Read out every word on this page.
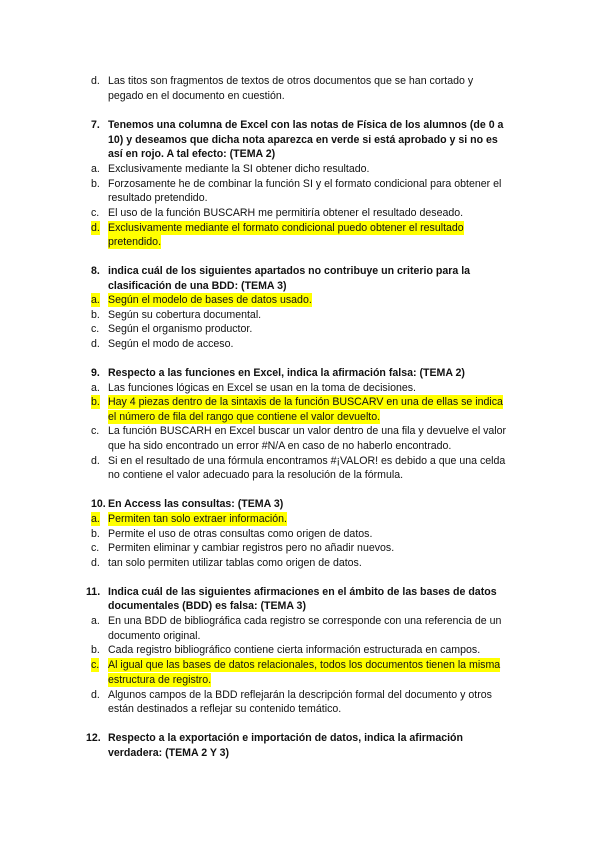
d. Las titos son fragmentos de textos de otros documentos que se han cortado y
pegado en el documento en cuestión.
7. Tenemos una columna de Excel con las notas de Física de los alumnos (de 0 a
10) y deseamos que dicha nota aparezca en verde si está aprobado y si no es
así en rojo. A tal efecto: (TEMA 2)
a. Exclusivamente mediante la SI obtener dicho resultado.
b. Forzosamente he de combinar la función SI y el formato condicional para obtener el
resultado pretendido.
c. El uso de la función BUSCARH me permitiría obtener el resultado deseado.
d. Exclusivamente mediante el formato condicional puedo obtener el resultado
pretendido.
8. indica cuál de los siguientes apartados no contribuye un criterio para la
clasificación de una BDD: (TEMA 3)
a. Según el modelo de bases de datos usado.
b. Según su cobertura documental.
c. Según el organismo productor.
d. Según el modo de acceso.
9. Respecto a las funciones en Excel, indica la afirmación falsa: (TEMA 2)
a. Las funciones lógicas en Excel se usan en la toma de decisiones.
b. Hay 4 piezas dentro de la sintaxis de la función BUSCARV en una de ellas se indica
el número de fila del rango que contiene el valor devuelto.
c. La función BUSCARH en Excel buscar un valor dentro de una fila y devuelve el valor
que ha sido encontrado un error #N/A en caso de no haberlo encontrado.
d. Si en el resultado de una fórmula encontramos #¡VALOR! es debido a que una celda
no contiene el valor adecuado para la resolución de la fórmula.
10. En Access las consultas: (TEMA 3)
a. Permiten tan solo extraer información.
b. Permite el uso de otras consultas como origen de datos.
c. Permiten eliminar y cambiar registros pero no añadir nuevos.
d. tan solo permiten utilizar tablas como origen de datos.
11. Indica cuál de las siguientes afirmaciones en el ámbito de las bases de datos
documentales (BDD) es falsa: (TEMA 3)
a. En una BDD de bibliográfica cada registro se corresponde con una referencia de un
documento original.
b. Cada registro bibliográfico contiene cierta información estructurada en campos.
c. Al igual que las bases de datos relacionales, todos los documentos tienen la misma
estructura de registro.
d. Algunos campos de la BDD reflejarán la descripción formal del documento y otros
están destinados a reflejar su contenido temático.
12. Respecto a la exportación e importación de datos, indica la afirmación
verdadera: (TEMA 2 Y 3)
